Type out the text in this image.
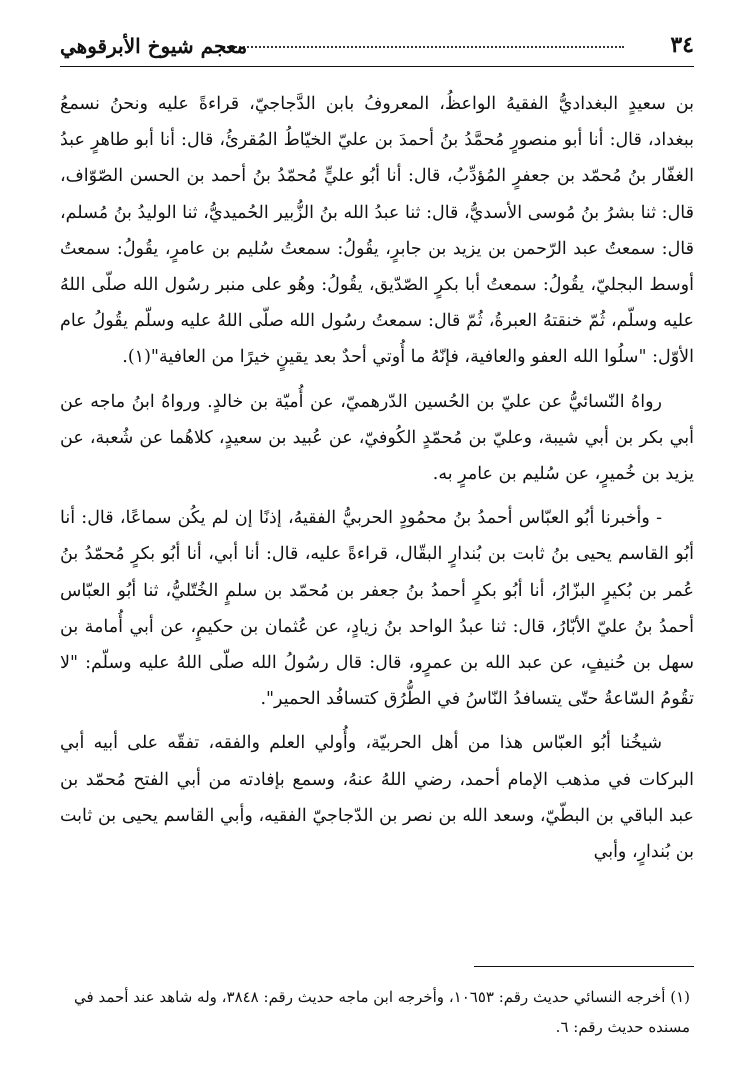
٣٤
معجم شيوخ الأبرقوهي

بن سعيدٍ البغداديُّ الفقيهُ الواعظُ، المعروفُ بابن الدَّجاجيّ، قراءةً عليه ونحنُ نسمعُ ببغداد، قال: أنا أبو منصورٍ مُحمَّدُ بنُ أحمدَ بن عليّ الخيّاطُ المُقرئُ، قال: أنا أبو طاهرٍ عبدُ الغفّار بنُ مُحمّد بن جعفرٍ المُؤدِّبُ، قال: أنا أبُو عليٍّ مُحمّدُ بنُ أحمد بن الحسن الصّوّاف، قال: ثنا بشرُ بنُ مُوسى الأسديُّ، قال: ثنا عبدُ الله بنُ الزُّبير الحُميديُّ، ثنا الوليدُ بنُ مُسلم، قال: سمعتُ عبد الرّحمن بن يزيد بن جابرٍ، يقُولُ: سمعتُ سُليم بن عامرٍ، يقُولُ: سمعتُ أوسط البجليّ، يقُولُ: سمعتُ أبا بكرٍ الصّدّيق، يقُولُ: وهُو على منبر رسُول الله صلّى اللهُ عليه وسلّم، ثُمّ خنقتهُ العبرةُ، ثُمّ قال: سمعتُ رسُول الله صلّى اللهُ عليه وسلّم يقُولُ عام الأوّل: "سلُوا الله العفو والعافية، فإنّهُ ما أُوتي أحدٌ بعد يقينٍ خيرًا من العافية"(١).

رواهُ النّسائيُّ عن عليّ بن الحُسين الدّرهميّ، عن أُميّة بن خالدٍ. ورواهُ ابنُ ماجه عن أبي بكر بن أبي شيبة، وعليّ بن مُحمّدٍ الكُوفيّ، عن عُبيد بن سعيدٍ، كلاهُما عن شُعبة، عن يزيد بن خُميرٍ، عن سُليم بن عامرٍ به.

- وأخبرنا أبُو العبّاس أحمدُ بنُ محمُودٍ الحربيُّ الفقيهُ، إذنًا إن لم يكُن سماعًا، قال: أنا أبُو القاسم يحيى بنُ ثابت بن بُندارٍ البقّال، قراءةً عليه، قال: أنا أبي، أنا أبُو بكرٍ مُحمّدُ بنُ عُمر بن بُكيرٍ البزّارُ، أنا أبُو بكرٍ أحمدُ بنُ جعفر بن مُحمّد بن سلمٍ الخُتّليُّ، ثنا أبُو العبّاس أحمدُ بنُ عليّ الأبّارُ، قال: ثنا عبدُ الواحد بنُ زيادٍ، عن عُثمان بن حكيمٍ، عن أبي أُمامة بن سهل بن حُنيفٍ، عن عبد الله بن عمرٍو، قال: قال رسُولُ الله صلّى اللهُ عليه وسلّم: "لا تقُومُ السّاعةُ حتّى يتسافدُ النّاسُ في الطُّرُق كتسافُد الحمير".

شيخُنا أبُو العبّاس هذا من أهل الحربيّة، وأُولي العلم والفقه، تفقّه على أبيه أبي البركات في مذهب الإمام أحمد، رضي اللهُ عنهُ، وسمع بإفادته من أبي الفتح مُحمّد بن عبد الباقي بن البطّيّ، وسعد الله بن نصر بن الدّجاجيّ الفقيه، وأبي القاسم يحيى بن ثابت بن بُندارٍ، وأبي

(١) أخرجه النسائي حديث رقم: ١٠٦٥٣، وأخرجه ابن ماجه حديث رقم: ٣٨٤٨، وله شاهد عند أحمد في مسنده حديث رقم: ٦.
